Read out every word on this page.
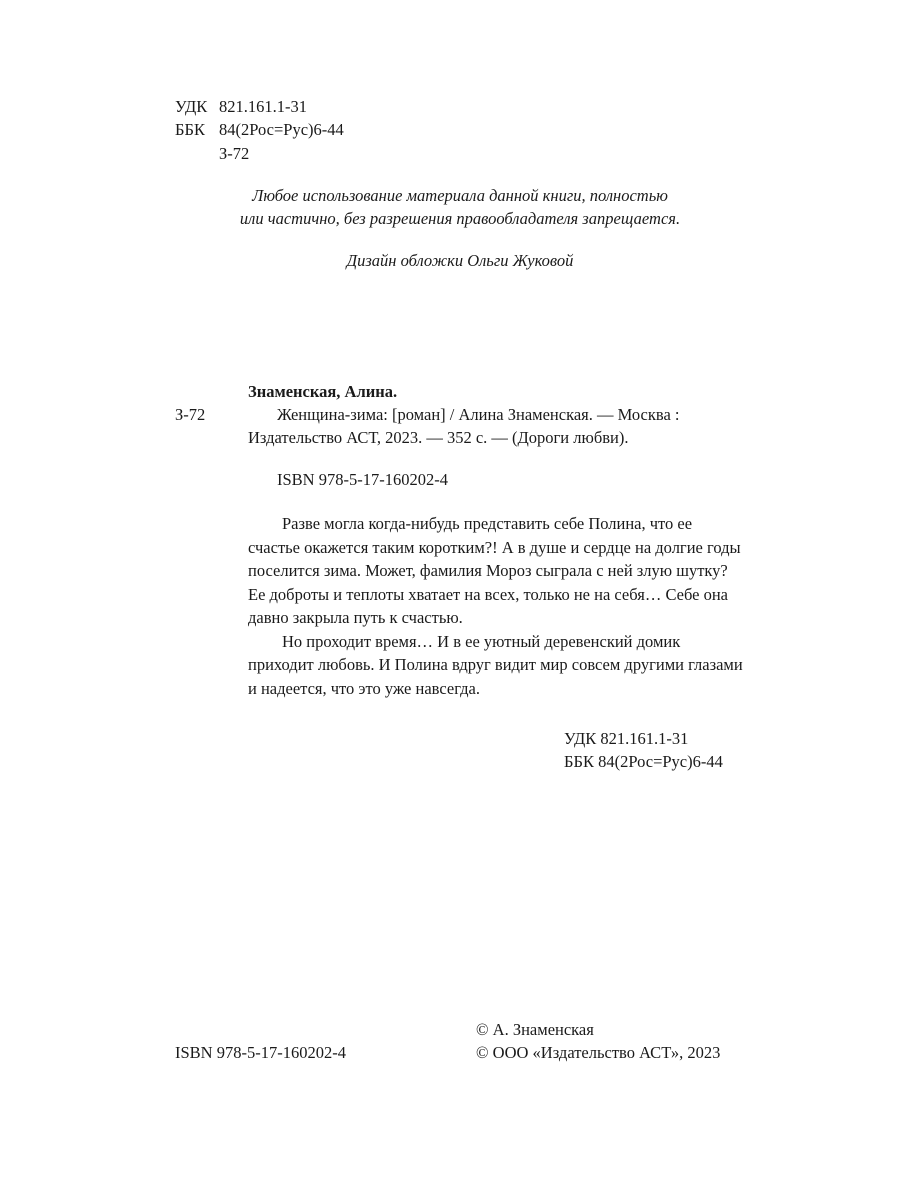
УДК 821.161.1-31
ББК 84(2Рос=Рус)6-44
З-72
Любое использование материала данной книги, полностью
или частично, без разрешения правообладателя запрещается.
Дизайн обложки Ольги Жуковой
Знаменская, Алина.
З-72	Женщина-зима: [роман] / Алина Знаменская. — Москва :
Издательство АСТ, 2023. — 352 с. — (Дороги любви).
ISBN 978-5-17-160202-4

Разве могла когда-нибудь представить себе Полина, что ее счастье окажется таким коротким?! А в душе и сердце на долгие годы поселится зима. Может, фамилия Мороз сыграла с ней злую шутку? Ее доброты и теплоты хватает на всех, только не на себя… Себе она давно закрыла путь к счастью.

Но проходит время… И в ее уютный деревенский домик приходит любовь. И Полина вдруг видит мир совсем другими глазами и надеется, что это уже навсегда.

УДК 821.161.1-31
ББК 84(2Рос=Рус)6-44
© А. Знаменская
ISBN 978-5-17-160202-4	© ООО «Издательство АСТ», 2023
